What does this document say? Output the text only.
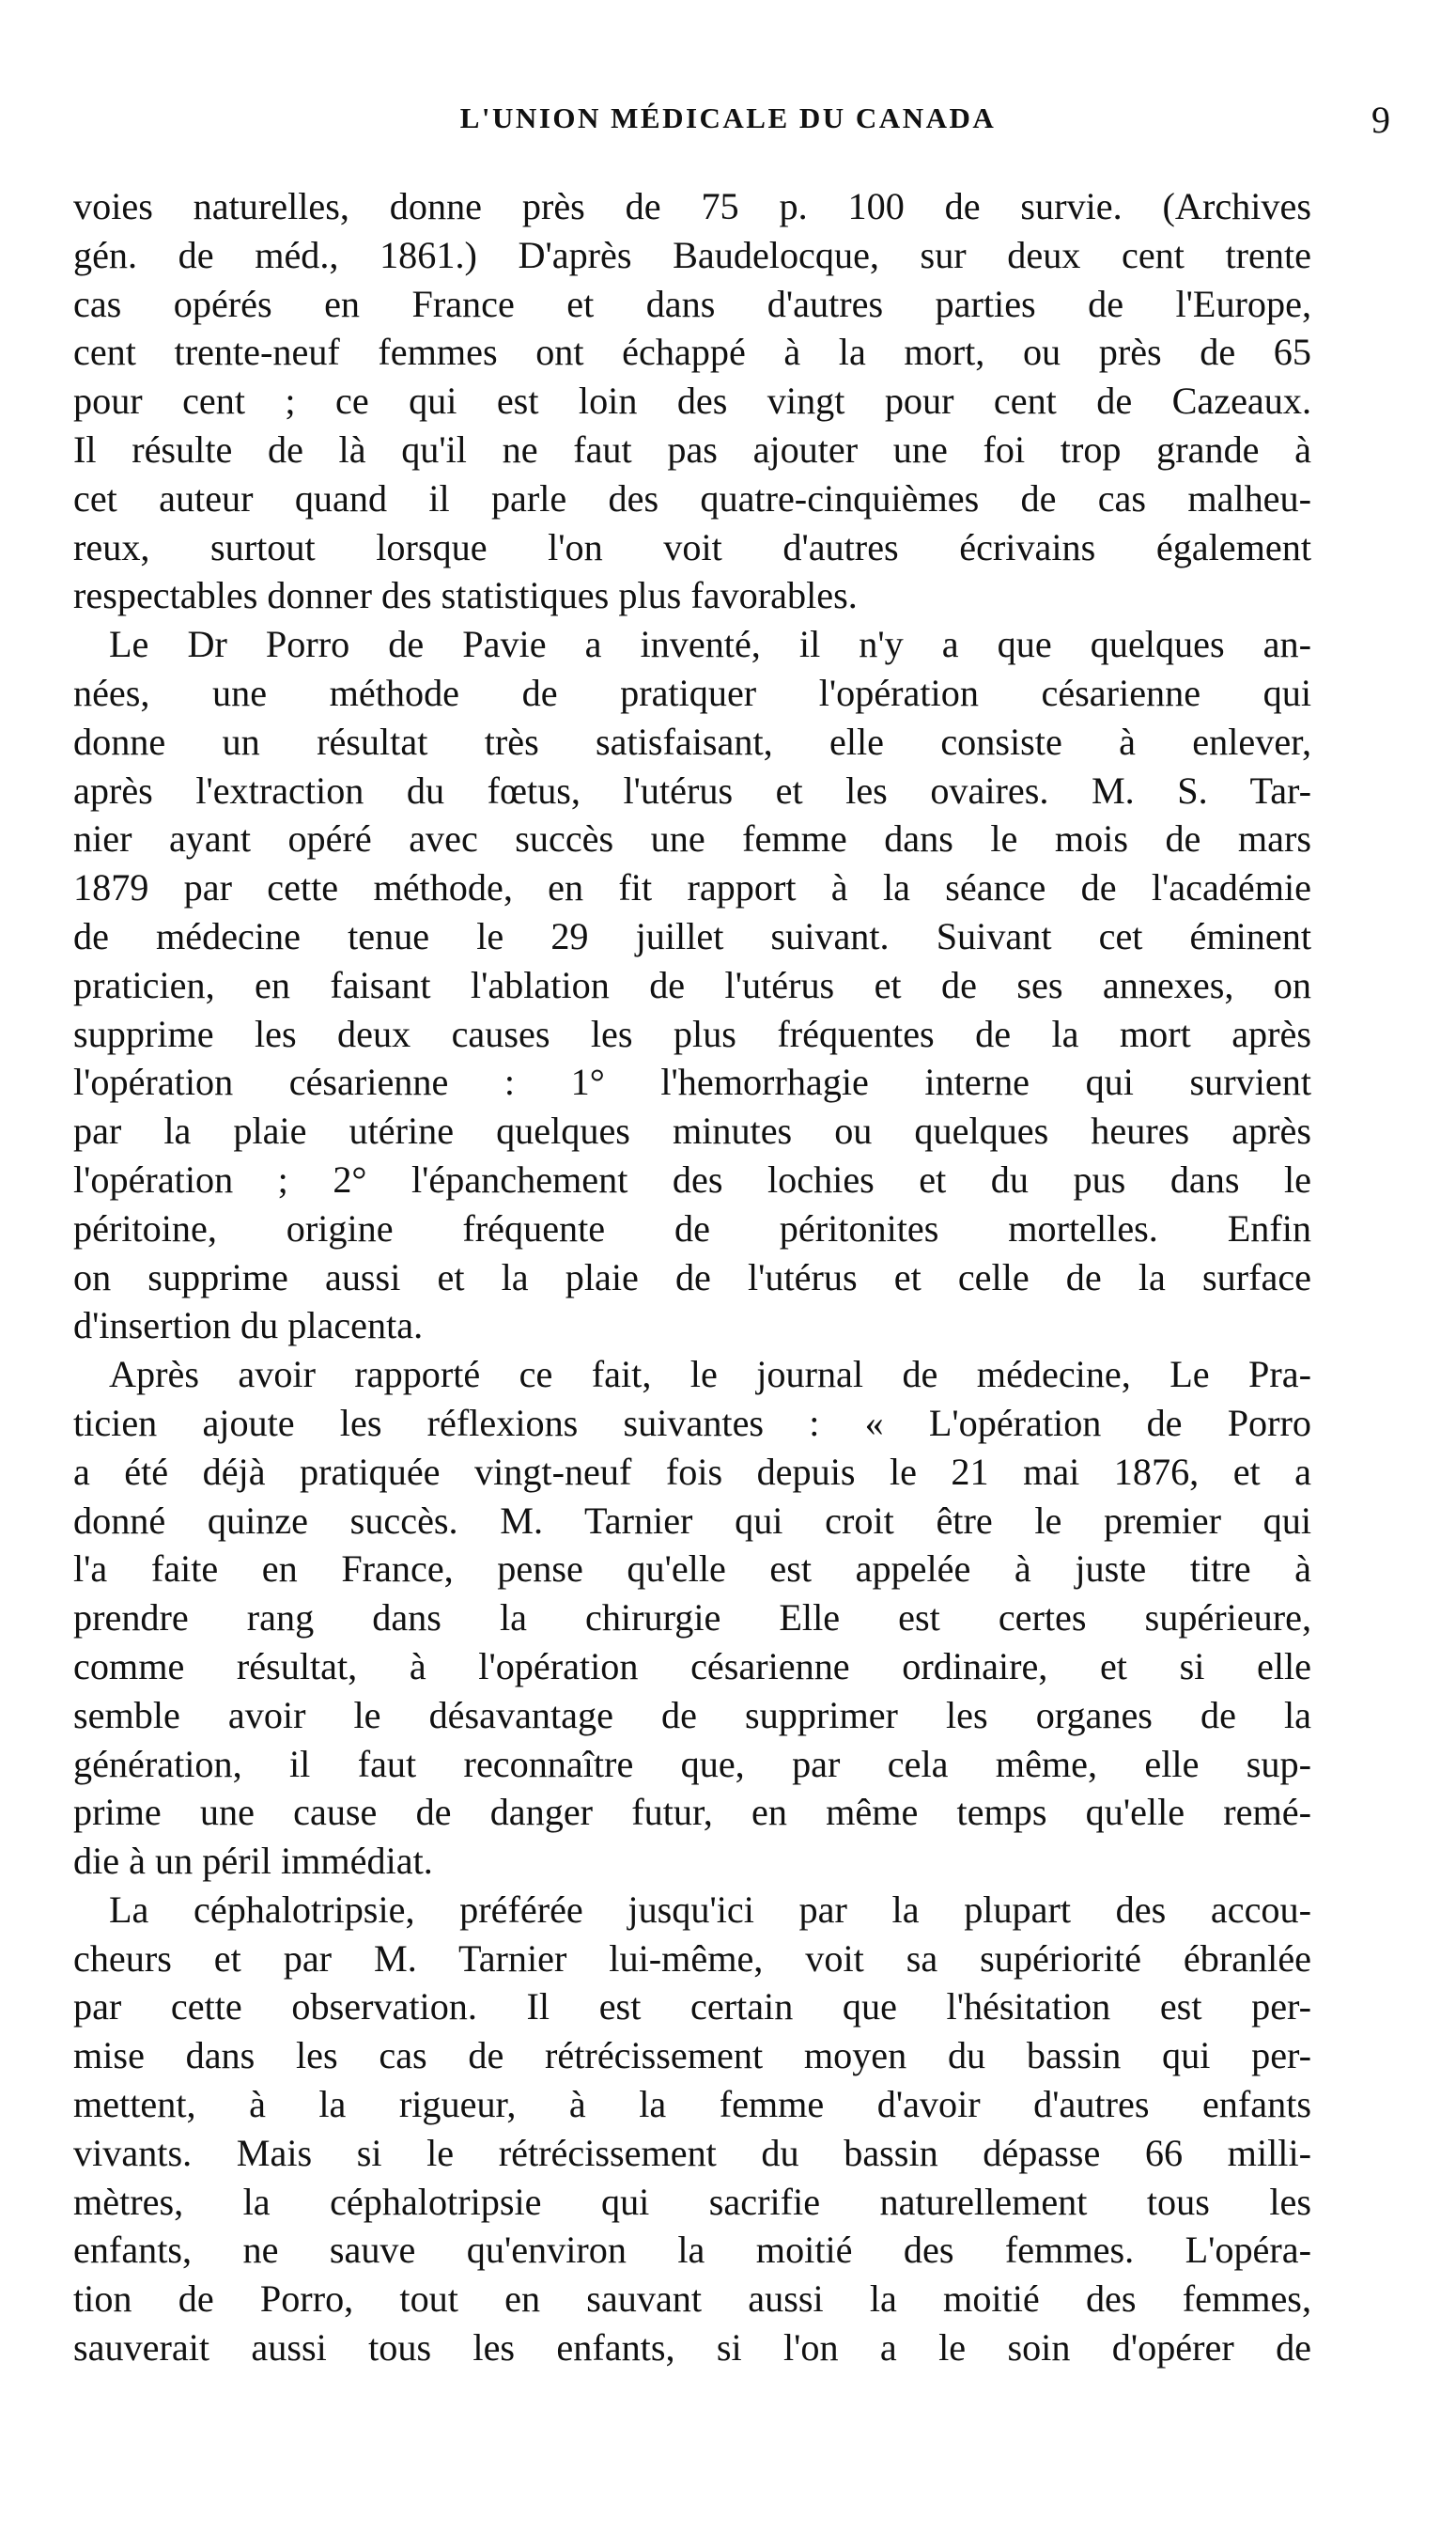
L'UNION MÉDICALE DU CANADA	9
voies naturelles, donne près de 75 p. 100 de survie. (Archives
gén. de méd., 1861.) D'après Baudelocque, sur deux cent trente
cas opérés en France et dans d'autres parties de l'Europe,
cent trente-neuf femmes ont échappé à la mort, ou près de 65
pour cent ; ce qui est loin des vingt pour cent de Cazeaux.
Il résulte de là qu'il ne faut pas ajouter une foi trop grande à
cet auteur quand il parle des quatre-cinquièmes de cas malheu-
reux, surtout lorsque l'on voit d'autres écrivains également
respectables donner des statistiques plus favorables.
Le Dr Porro de Pavie a inventé, il n'y a que quelques an-
nées, une méthode de pratiquer l'opération césarienne qui
donne un résultat très satisfaisant, elle consiste à enlever,
après l'extraction du fœtus, l'utérus et les ovaires. M. S. Tar-
nier ayant opéré avec succès une femme dans le mois de mars
1879 par cette méthode, en fit rapport à la séance de l'académie
de médecine tenue le 29 juillet suivant. Suivant cet éminent
praticien, en faisant l'ablation de l'utérus et de ses annexes, on
supprime les deux causes les plus fréquentes de la mort après
l'opération césarienne : 1° l'hemorrhagie interne qui survient
par la plaie utérine quelques minutes ou quelques heures après
l'opération ; 2° l'épanchement des lochies et du pus dans le
péritoine, origine fréquente de péritonites mortelles. Enfin
on supprime aussi et la plaie de l'utérus et celle de la surface
d'insertion du placenta.
Après avoir rapporté ce fait, le journal de médecine, Le Pra-
ticien ajoute les réflexions suivantes : « L'opération de Porro
a été déjà pratiquée vingt-neuf fois depuis le 21 mai 1876, et a
donné quinze succès. M. Tarnier qui croit être le premier qui
l'a faite en France, pense qu'elle est appelée à juste titre à
prendre rang dans la chirurgie Elle est certes supérieure,
comme résultat, à l'opération césarienne ordinaire, et si elle
semble avoir le désavantage de supprimer les organes de la
génération, il faut reconnaître que, par cela même, elle sup-
prime une cause de danger futur, en même temps qu'elle remé-
die à un péril immédiat.
La céphalotripsie, préférée jusqu'ici par la plupart des accou-
cheurs et par M. Tarnier lui-même, voit sa supériorité ébranlée
par cette observation. Il est certain que l'hésitation est per-
mise dans les cas de rétrécissement moyen du bassin qui per-
mettent, à la rigueur, à la femme d'avoir d'autres enfants
vivants. Mais si le rétrécissement du bassin dépasse 66 milli-
mètres, la céphalotripsie qui sacrifie naturellement tous les
enfants, ne sauve qu'environ la moitié des femmes. L'opéra-
tion de Porro, tout en sauvant aussi la moitié des femmes,
sauverait aussi tous les enfants, si l'on a le soin d'opérer de
